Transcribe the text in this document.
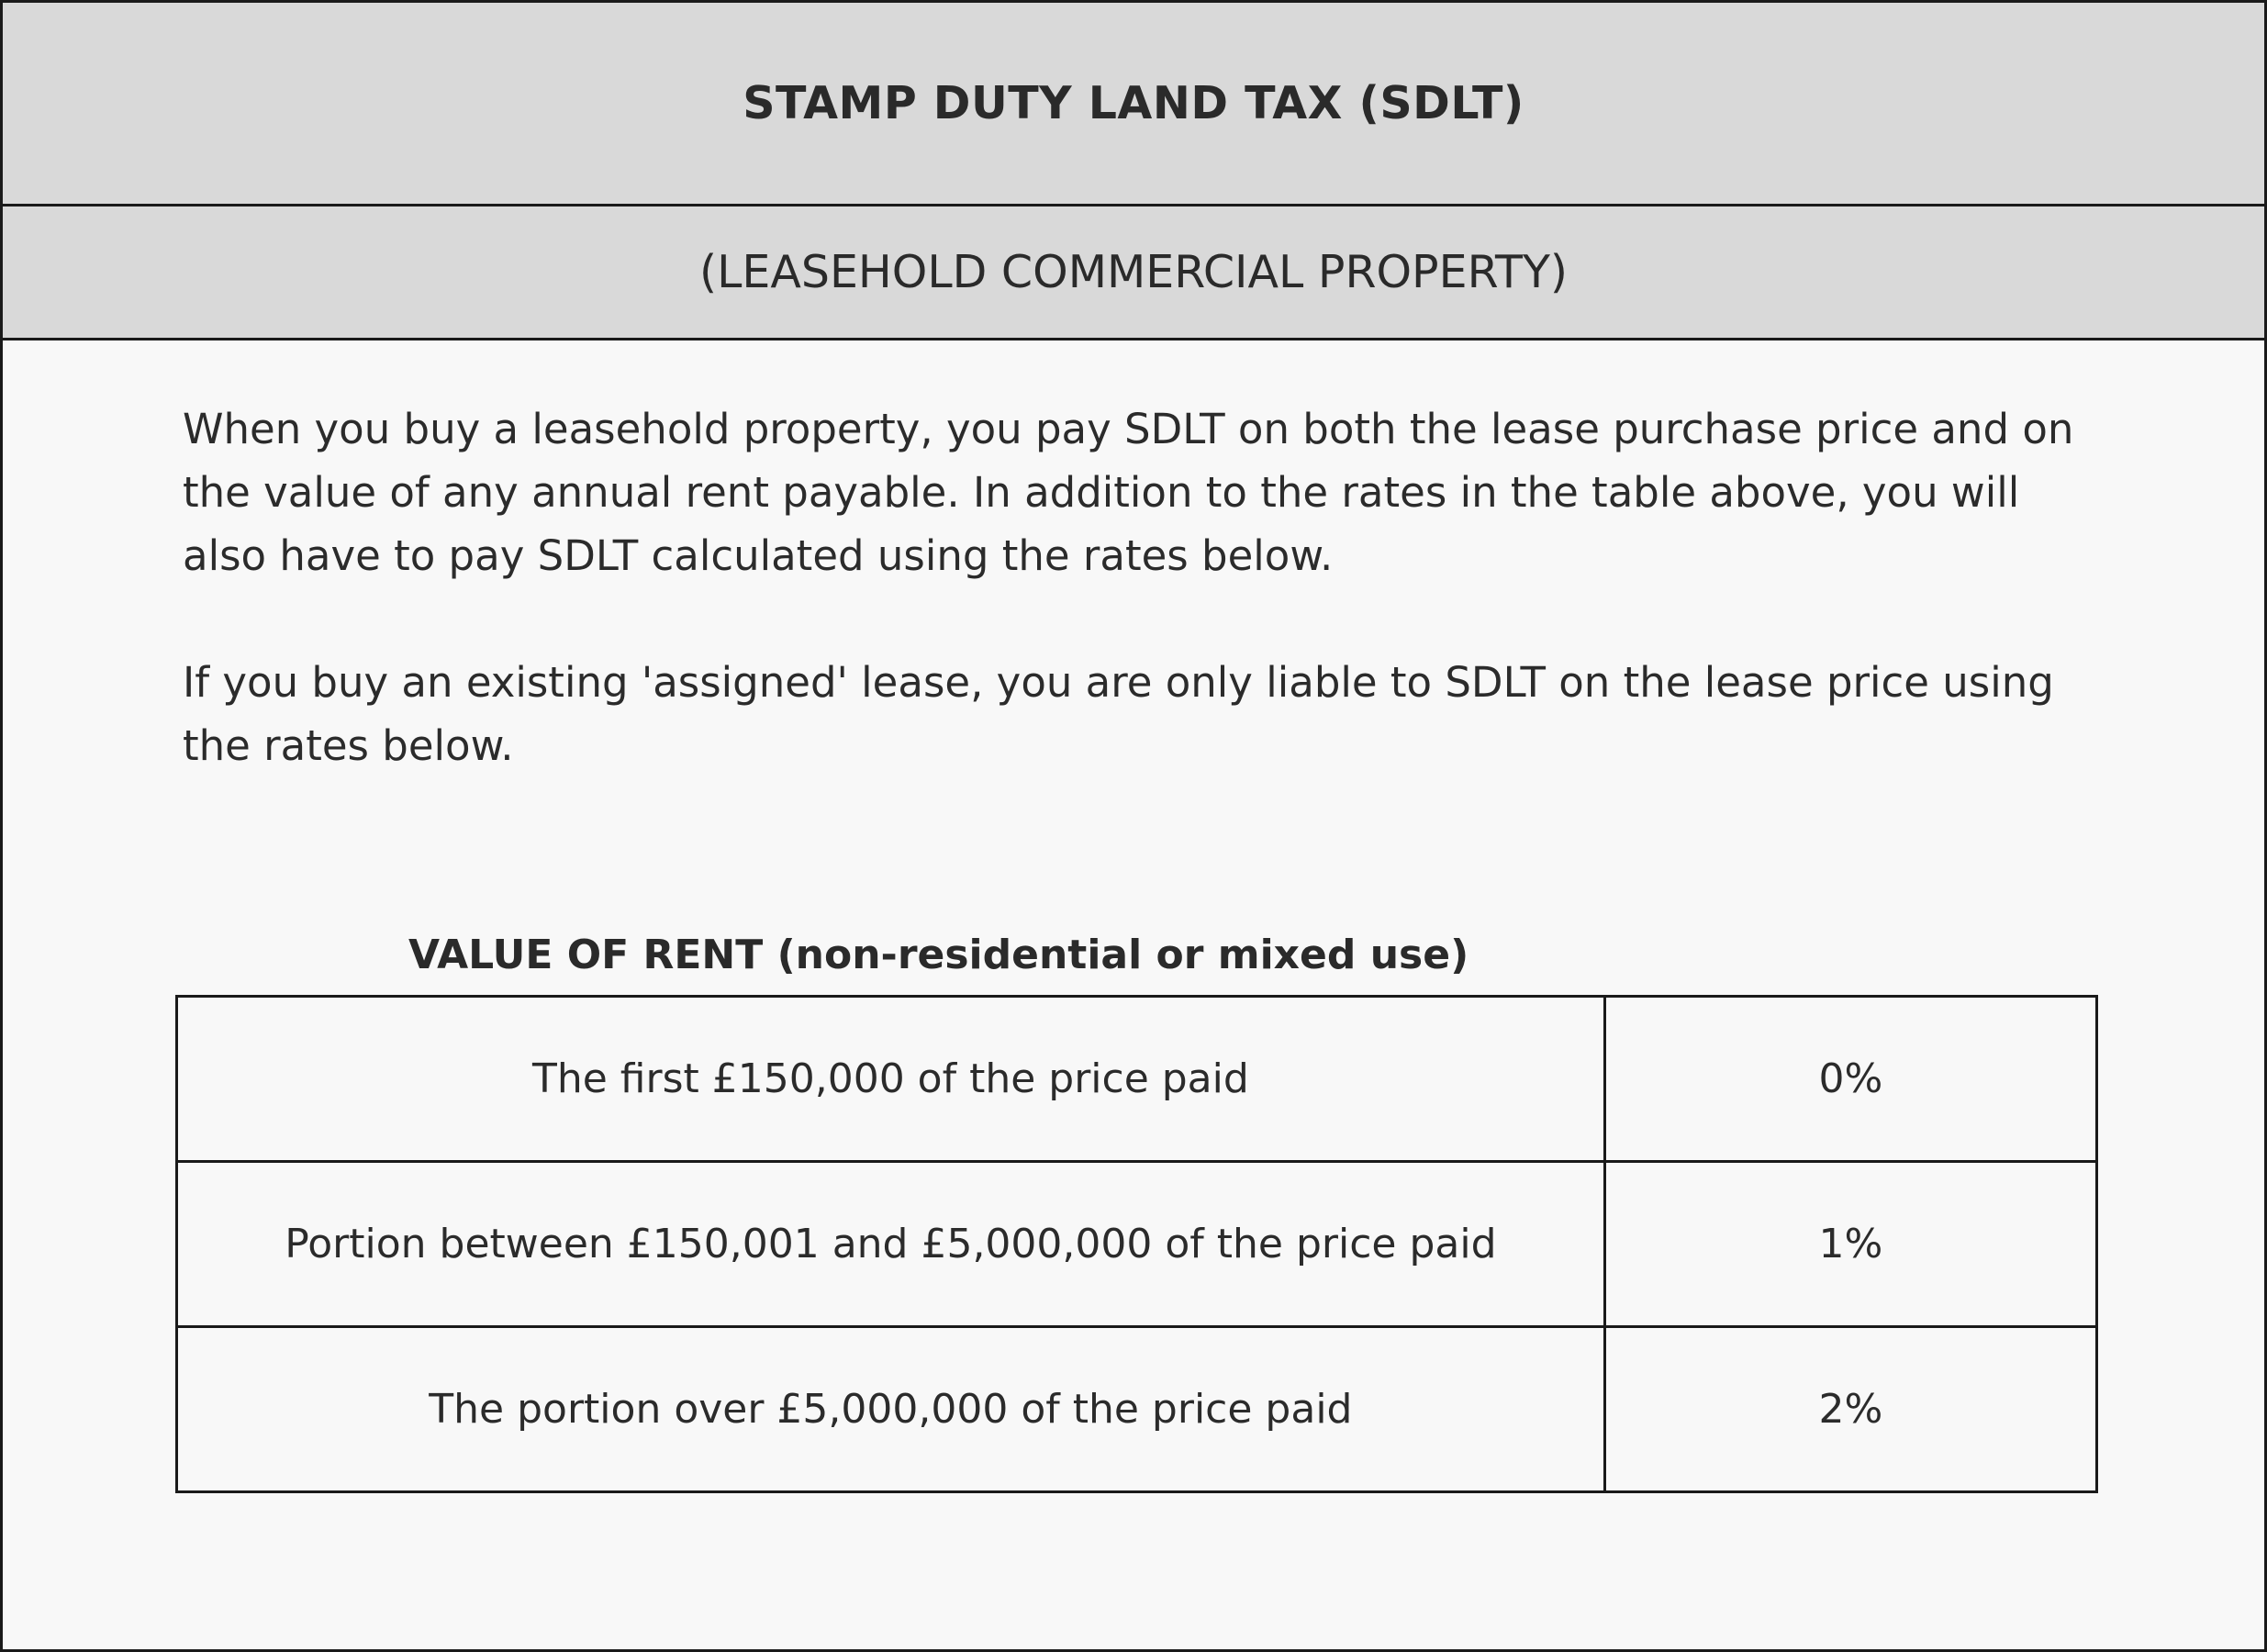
STAMP DUTY LAND TAX (SDLT)
(LEASEHOLD COMMERCIAL PROPERTY)

When you buy a leasehold property, you pay SDLT on both the lease purchase price and on the value of any annual rent payable. In addition to the rates in the table above, you will also have to pay SDLT calculated using the rates below.

If you buy an existing 'assigned' lease, you are only liable to SDLT on the lease price using the rates below.

VALUE OF RENT (non-residential or mixed use)
The first £150,000 of the price paid	0%
Portion between £150,001 and £5,000,000 of the price paid	1%
The portion over £5,000,000 of the price paid	2%
